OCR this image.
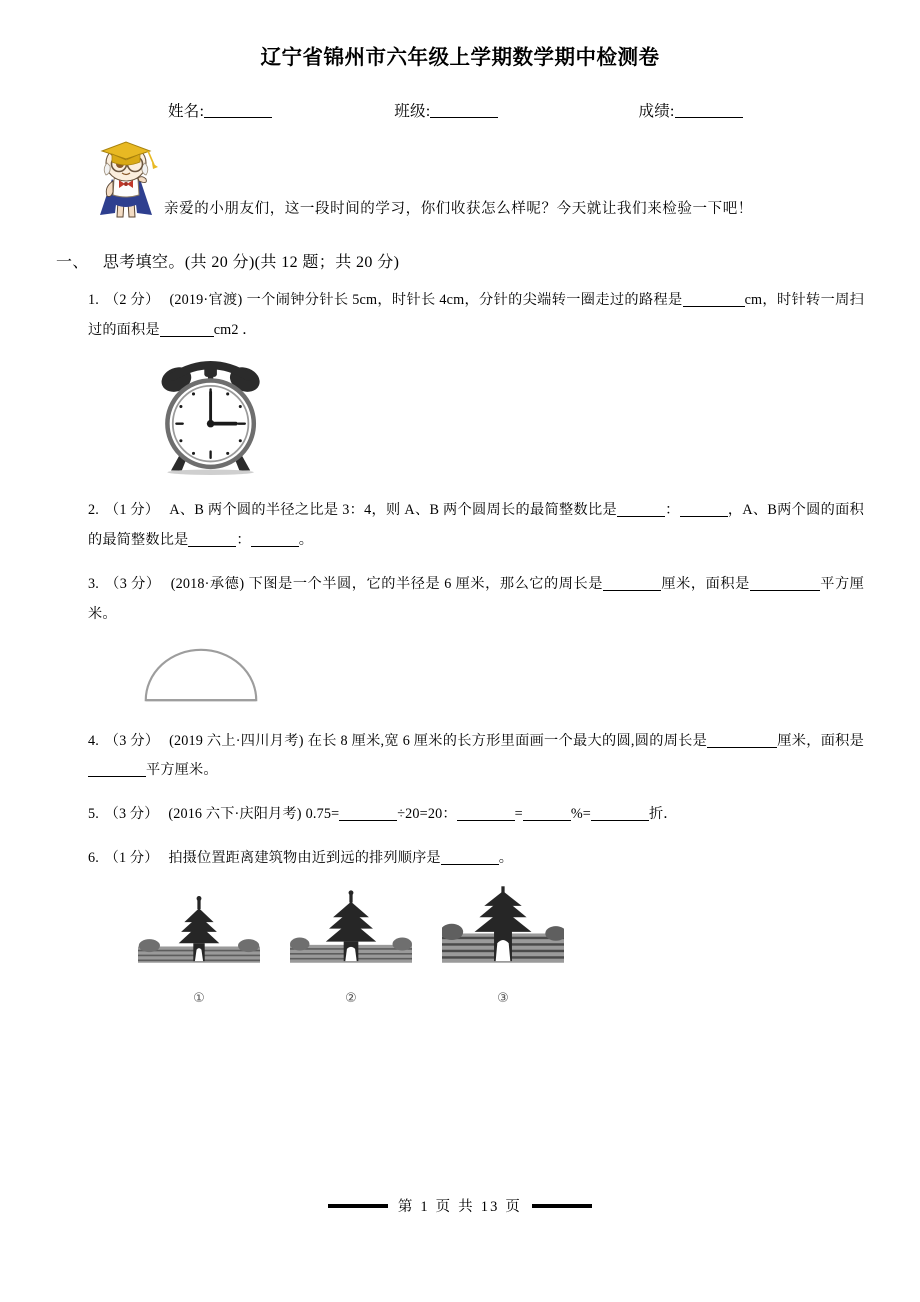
辽宁省锦州市六年级上学期数学期中检测卷
姓名:	班级:	成绩:
亲爱的小朋友们，这一段时间的学习，你们收获怎么样呢？今天就让我们来检验一下吧！
一、 思考填空。(共 20 分)(共 12 题；共 20 分)
1. （2 分） (2019·官渡) 一个闹钟分针长 5cm，时针长 4cm，分针的尖端转一圈走过的路程是	cm，时针转一周扫过的面积是	cm2 ．
2. （1 分） A、B 两个圆的半径之比是 3：4，则 A、B 两个圆周长的最简整数比是	：	，A、B两个圆的面积的最简整数比是	：	。
3. （3 分） (2018·承德) 下图是一个半圆，它的半径是 6 厘米，那么它的周长是	厘米，面积是	平方厘米。
4. （3 分） (2019 六上·四川月考) 在长 8 厘米,宽 6 厘米的长方形里面画一个最大的圆,圆的周长是	厘米，面积是平方厘米。
5. （3 分） (2016 六下·庆阳月考) 0.75=	÷20=20：	=	%=	折．
6. （1 分） 拍摄位置距离建筑物由近到远的排列顺序是	。
①	②	③
第 1 页 共 13 页
